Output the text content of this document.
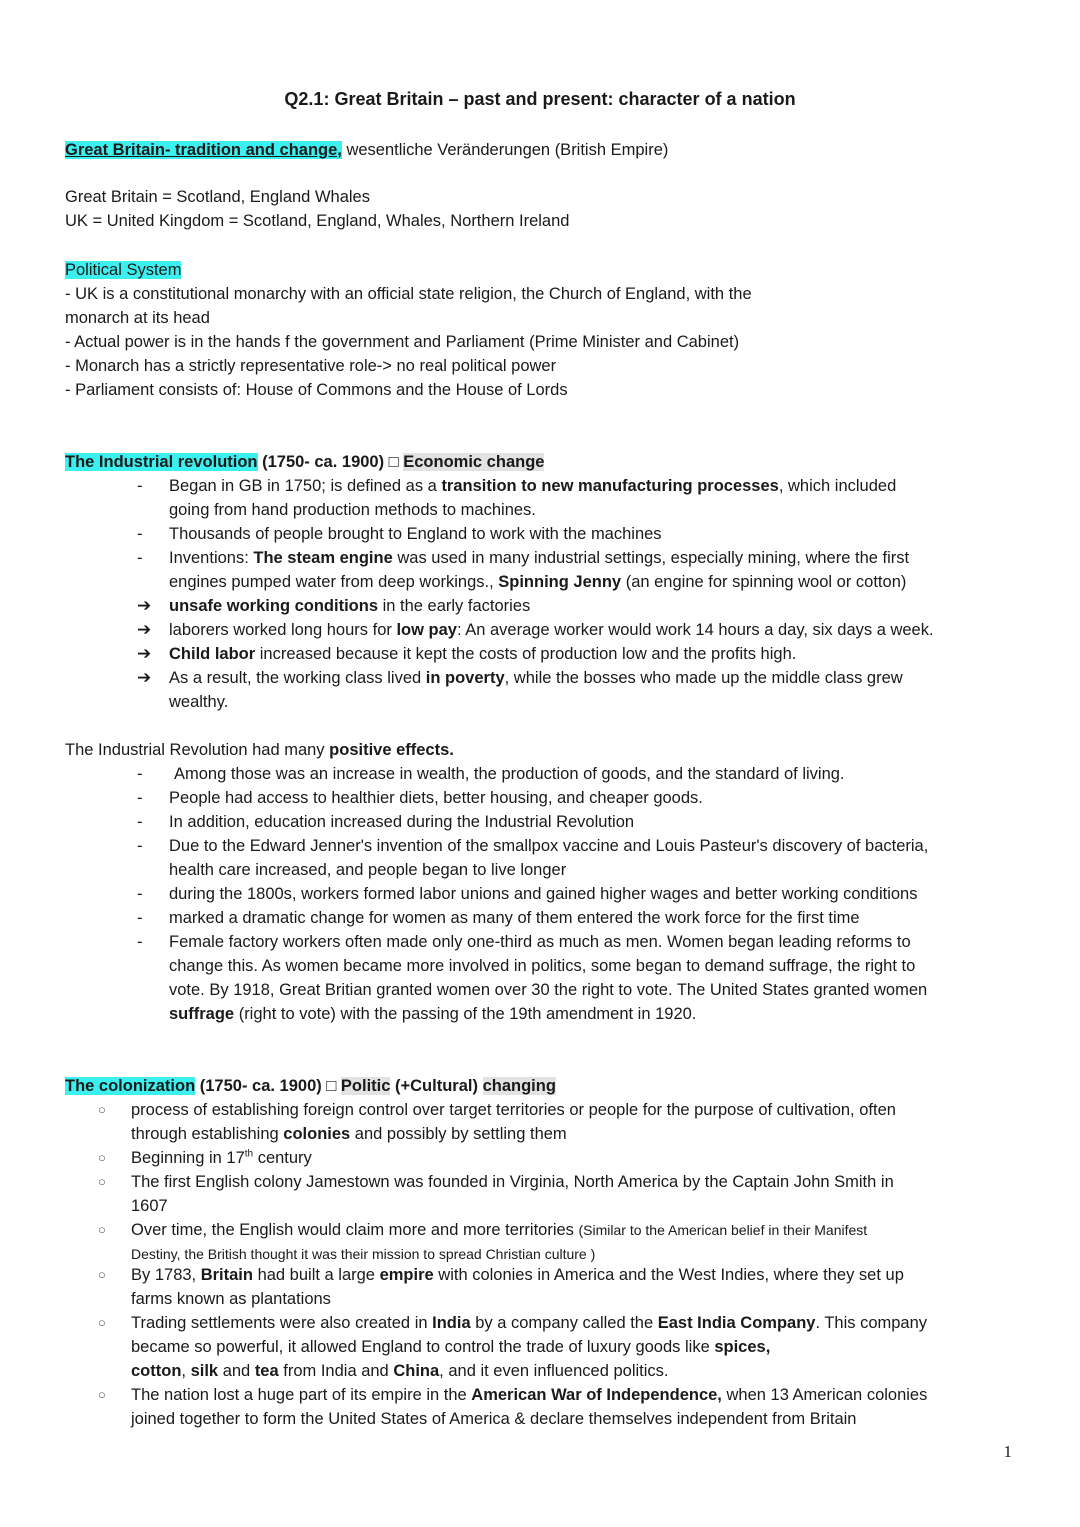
Q2.1: Great Britain – past and present: character of a nation
Great Britain- tradition and change, wesentliche Veränderungen (British Empire)
Great Britain = Scotland, England Whales
UK = United Kingdom = Scotland, England, Whales, Northern Ireland
Political System
- UK is a constitutional monarchy with an official state religion, the Church of England, with the
monarch at its head
- Actual power is in the hands f the government and Parliament (Prime Minister and Cabinet)
- Monarch has a strictly representative role-> no real political power
- Parliament consists of: House of Commons and the House of Lords
The Industrial revolution (1750- ca. 1900) □ Economic change
- Began in GB in 1750; is defined as a transition to new manufacturing processes, which included
going from hand production methods to machines.
- Thousands of people brought to England to work with the machines
- Inventions: The steam engine was used in many industrial settings, especially mining, where the first
engines pumped water from deep workings., Spinning Jenny (an engine for spinning wool or cotton)
➔ unsafe working conditions in the early factories
➔ laborers worked long hours for low pay: An average worker would work 14 hours a day, six days a week.
➔ Child labor increased because it kept the costs of production low and the profits high.
➔ As a result, the working class lived in poverty, while the bosses who made up the middle class grew
wealthy.
The Industrial Revolution had many positive effects.
- Among those was an increase in wealth, the production of goods, and the standard of living.
- People had access to healthier diets, better housing, and cheaper goods.
- In addition, education increased during the Industrial Revolution
- Due to the Edward Jenner's invention of the smallpox vaccine and Louis Pasteur's discovery of bacteria,
health care increased, and people began to live longer
- during the 1800s, workers formed labor unions and gained higher wages and better working conditions
- marked a dramatic change for women as many of them entered the work force for the first time
- Female factory workers often made only one-third as much as men. Women began leading reforms to
change this. As women became more involved in politics, some began to demand suffrage, the right to
vote. By 1918, Great Britian granted women over 30 the right to vote. The United States granted women
suffrage (right to vote) with the passing of the 19th amendment in 1920.
The colonization (1750- ca. 1900) □ Politic (+Cultural) changing
○ process of establishing foreign control over target territories or people for the purpose of cultivation, often
through establishing colonies and possibly by settling them
○ Beginning in 17th century
○ The first English colony Jamestown was founded in Virginia, North America by the Captain John Smith in
1607
○ Over time, the English would claim more and more territories (Similar to the American belief in their Manifest
Destiny, the British thought it was their mission to spread Christian culture )
○ By 1783, Britain had built a large empire with colonies in America and the West Indies, where they set up
farms known as plantations
○ Trading settlements were also created in India by a company called the East India Company. This company
became so powerful, it allowed England to control the trade of luxury goods like spices,
cotton, silk and tea from India and China, and it even influenced politics.
○ The nation lost a huge part of its empire in the American War of Independence, when 13 American colonies
joined together to form the United States of America & declare themselves independent from Britain
1
